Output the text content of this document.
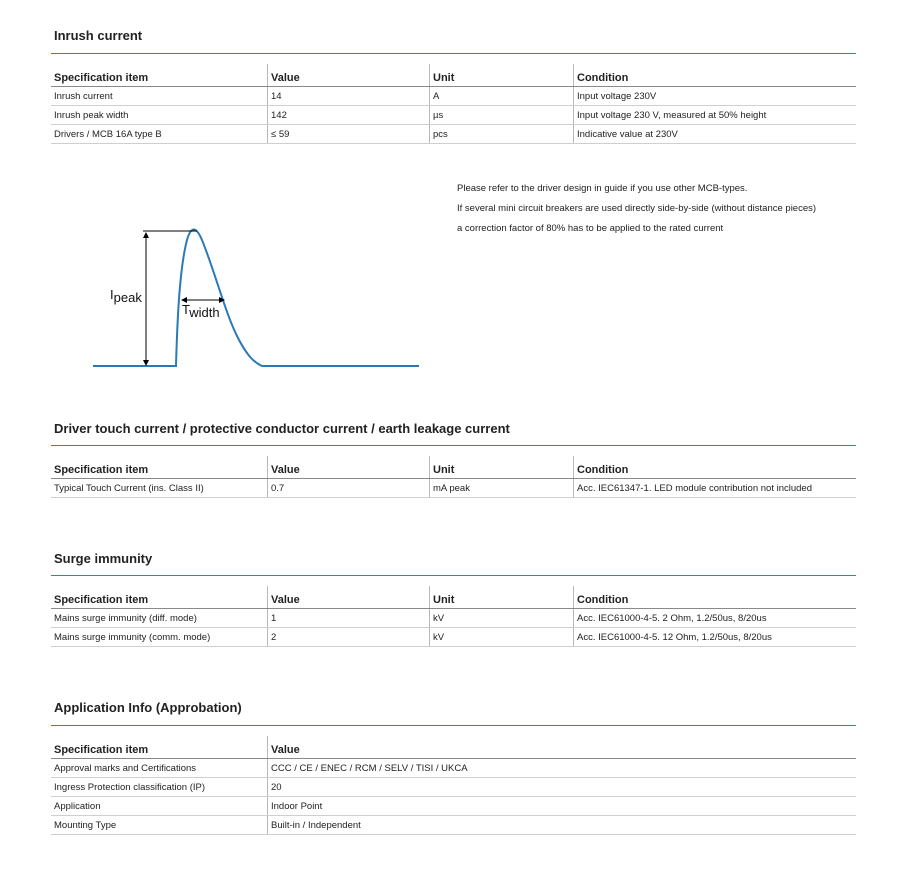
Inrush current
Specification item	Value	Unit	Condition
Inrush current	14	A	Input voltage 230V
Inrush peak width	142	µs	Input voltage 230 V, measured at 50% height
Drivers / MCB 16A type B	≤ 59	pcs	Indicative value at 230V
Ipeak
Twidth
Please refer to the driver design in guide if you use other MCB-types.
If several mini circuit breakers are used directly side-by-side (without distance pieces)
a correction factor of 80% has to be applied to the rated current
Driver touch current / protective conductor current / earth leakage current
Specification item	Value	Unit	Condition
Typical Touch Current (ins. Class II)	0.7	mA peak	Acc. IEC61347-1. LED module contribution not included
Surge immunity
Specification item	Value	Unit	Condition
Mains surge immunity (diff. mode)	1	kV	Acc. IEC61000-4-5. 2 Ohm, 1.2/50us, 8/20us
Mains surge immunity (comm. mode)	2	kV	Acc. IEC61000-4-5. 12 Ohm, 1.2/50us, 8/20us
Application Info (Approbation)
Specification item	Value
Approval marks and Certifications	CCC / CE / ENEC / RCM / SELV / TISI / UKCA
Ingress Protection classification (IP)	20
Application	Indoor Point
Mounting Type	Built-in / Independent
